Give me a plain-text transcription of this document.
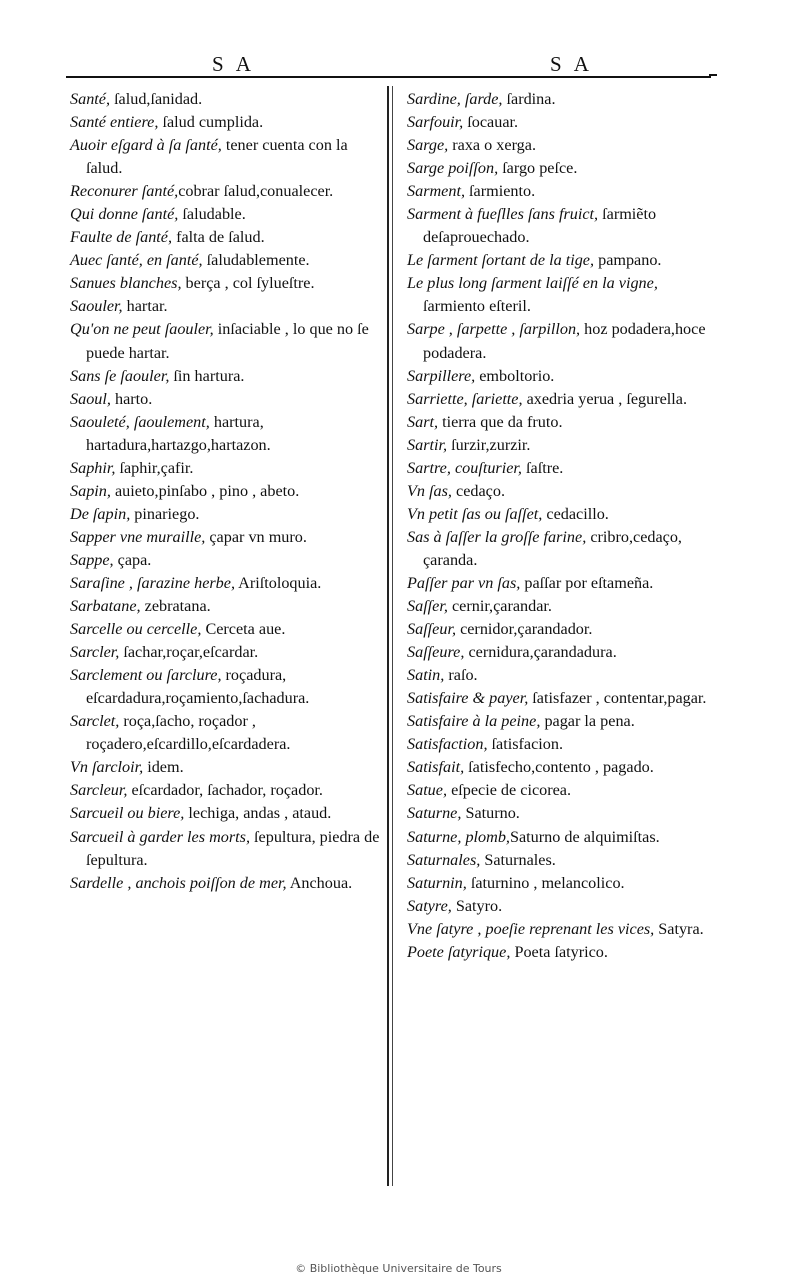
S A	S A
Santé, ſalud,ſanidad.
Santé entiere, ſalud cumplida.
Auoir eſgard à ſa ſanté, tener cuenta con la ſalud.
Reconurer ſanté,cobrar ſalud,conualecer.
Qui donne ſanté, ſaludable.
Faulte de ſanté, falta de ſalud.
Auec ſanté, en ſanté, ſaludablemente.
Sanues blanches, berça , col ſylueſtre.
Saouler, hartar.
Qu'on ne peut ſaouler, inſaciable , lo que no ſe puede hartar.
Sans ſe ſaouler, ſin hartura.
Saoul, harto.
Saouleté, ſaoulement, hartura, hartadura,hartazgo,hartazon.
Saphir, ſaphir,çafir.
Sapin, auieto,pinſabo , pino , abeto.
De ſapin, pinariego.
Sapper vne muraille, çapar vn muro.
Sappe, çapa.
Saraſine , ſarazine herbe, Ariſtoloquia.
Sarbatane, zebratana.
Sarcelle ou cercelle, Cerceta aue.
Sarcler, ſachar,roçar,eſcardar.
Sarclement ou ſarclure, roçadura, eſcardadura,roçamiento,ſachadura.
Sarclet, roça,ſacho, roçador , roçadero,eſcardillo,eſcardadera.
Vn ſarcloir, idem.
Sarcleur, eſcardador, ſachador, roçador.
Sarcueil ou biere, lechiga, andas , ataud.
Sarcueil à garder les morts, ſepultura, piedra de ſepultura.
Sardelle , anchois poiſſon de mer, Anchoua.
Sardine, ſarde, ſardina.
Sarfouir, ſocauar.
Sarge, raxa o xerga.
Sarge poiſſon, ſargo peſce.
Sarment, ſarmiento.
Sarment à fueſlles ſans fruict, ſarmiẽto deſaprouechado.
Le ſarment ſortant de la tige, pampano.
Le plus long ſarment laiſſé en la vigne, ſarmiento eſteril.
Sarpe , ſarpette , ſarpillon, hoz podadera,hoce podadera.
Sarpillere, emboltorio.
Sarriette, ſariette, axedria yerua , ſegurella.
Sart, tierra que da fruto.
Sartir, ſurzir,zurzir.
Sartre, couſturier, ſaſtre.
Vn ſas, cedaço.
Vn petit ſas ou ſaſſet, cedacillo.
Sas à ſaſſer la groſſe farine, cribro,cedaço, çaranda.
Paſſer par vn ſas, paſſar por eſtameña.
Saſſer, cernir,çarandar.
Saſſeur, cernidor,çarandador.
Saſſeure, cernidura,çarandadura.
Satin, raſo.
Satisfaire & payer, ſatisfazer , contentar,pagar.
Satisfaire à la peine, pagar la pena.
Satisfaction, ſatisfacion.
Satisfait, ſatisfecho,contento , pagado.
Satue, eſpecie de cicorea.
Saturne, Saturno.
Saturne, plomb,Saturno de alquimiſtas.
Saturnales, Saturnales.
Saturnin, ſaturnino , melancolico.
Satyre, Satyro.
Vne ſatyre , poeſie reprenant les vices, Satyra.
Poete ſatyrique, Poeta ſatyrico.
© Bibliothèque Universitaire de Tours
